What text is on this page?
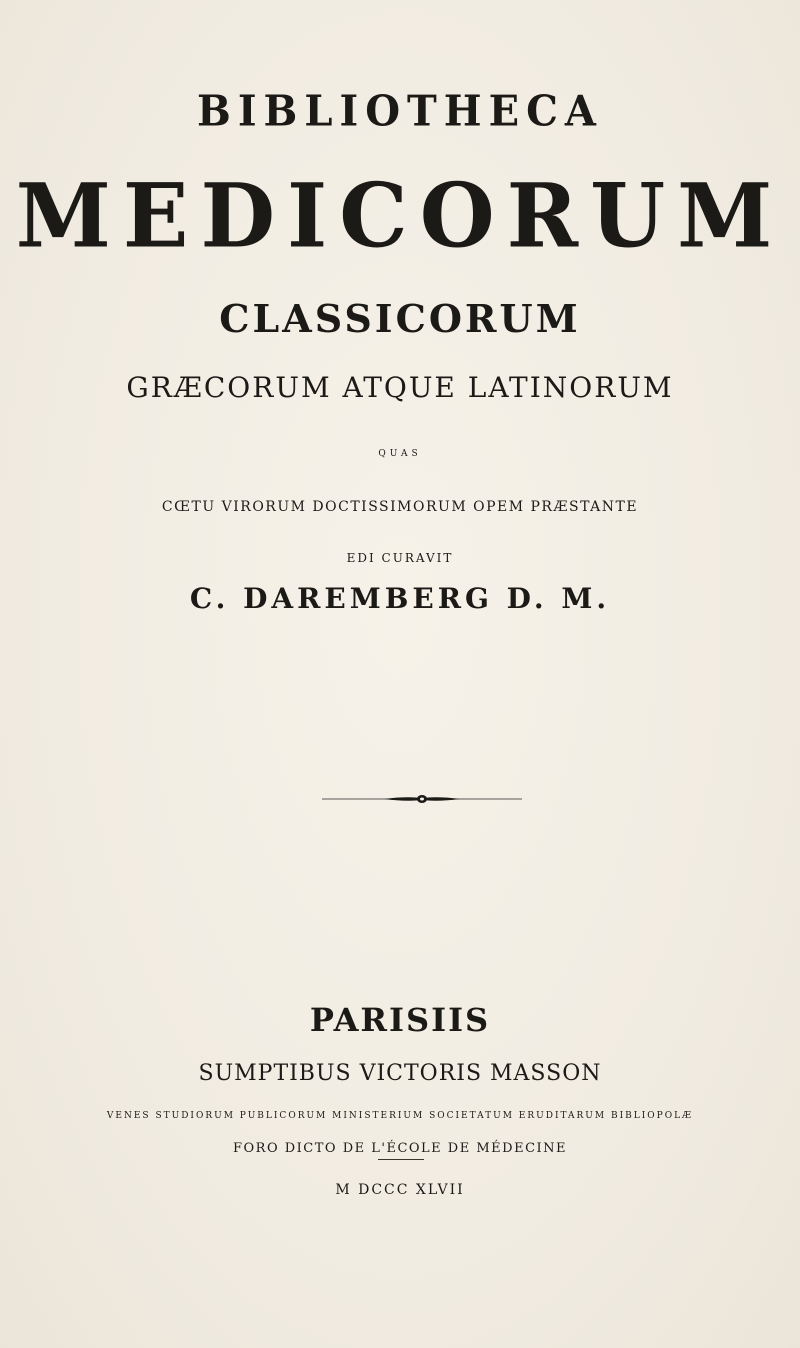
BIBLIOTHECA
MEDICORUM
CLASSICORUM
GRÆCORUM ATQUE LATINORUM
QUAS
CŒTU VIRORUM DOCTISSIMORUM OPEM PRÆSTANTE
EDI CURAVIT
C. DAREMBERG D. M.
PARISIIS
SUMPTIBUS VICTORIS MASSON
VENES STUDIORUM PUBLICORUM MINISTERIUM SOCIETATUM ERUDITARUM BIBLIOPOLÆ
FORO DICTO DE L'ÉCOLE DE MÉDECINE
M DCCC XLVII
